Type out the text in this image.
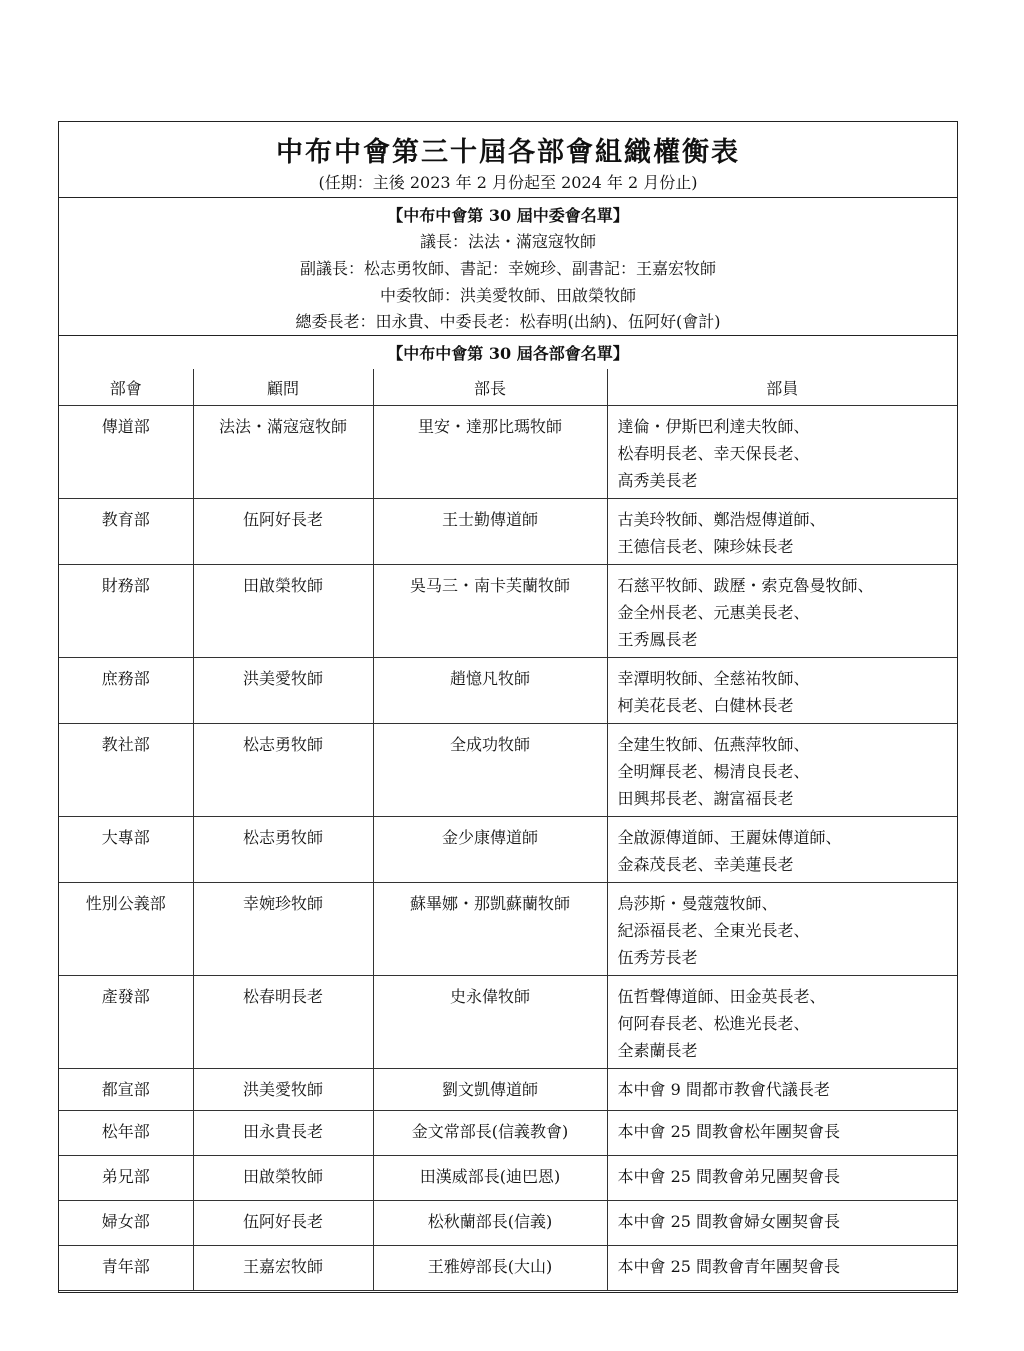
中布中會第三十屆各部會組織權衡表
(任期：主後 2023 年 2 月份起至 2024 年 2 月份止)
【中布中會第 30 屆中委會名單】
議長：法法・滿寇寇牧師
副議長：松志勇牧師、書記：幸婉珍、副書記：王嘉宏牧師
中委牧師：洪美愛牧師、田啟榮牧師
總委長老：田永貴、中委長老：松春明(出納)、伍阿好(會計)
【中布中會第 30 屆各部會名單】
部會	顧問	部長	部員
傳道部	法法・滿寇寇牧師	里安・達那比瑪牧師	達倫・伊斯巴利達夫牧師、
松春明長老、幸天保長老、
高秀美長老

教育部	伍阿好長老	王士勤傳道師	古美玲牧師、鄭浩煜傳道師、
王德信長老、陳珍妹長老

財務部	田啟榮牧師	吳马三・南卡芙蘭牧師	石慈平牧師、跋歷・索克魯曼牧師、
金全州長老、元惠美長老、
王秀鳳長老

庶務部	洪美愛牧師	趙憶凡牧師	幸潭明牧師、全慈祐牧師、
柯美花長老、白健林長老

教社部	松志勇牧師	全成功牧師	全建生牧師、伍燕萍牧師、
全明輝長老、楊清良長老、
田興邦長老、謝富福長老

大專部	松志勇牧師	金少康傳道師	全啟源傳道師、王麗妹傳道師、
金森茂長老、幸美蓮長老

性別公義部	幸婉珍牧師	蘇畢娜・那凱蘇蘭牧師	烏莎斯・曼蔻蔻牧師、
紀添福長老、全東光長老、
伍秀芳長老

產發部	松春明長老	史永偉牧師	伍哲聲傳道師、田金英長老、
何阿春長老、松進光長老、
全素蘭長老

都宣部	洪美愛牧師	劉文凱傳道師	本中會 9 間都市教會代議長老

松年部	田永貴長老	金文常部長(信義教會)	本中會 25 間教會松年團契會長

弟兄部	田啟榮牧師	田漢威部長(迪巴恩)	本中會 25 間教會弟兄團契會長

婦女部	伍阿好長老	松秋蘭部長(信義)	本中會 25 間教會婦女團契會長

青年部	王嘉宏牧師	王雅婷部長(大山)	本中會 25 間教會青年團契會長
